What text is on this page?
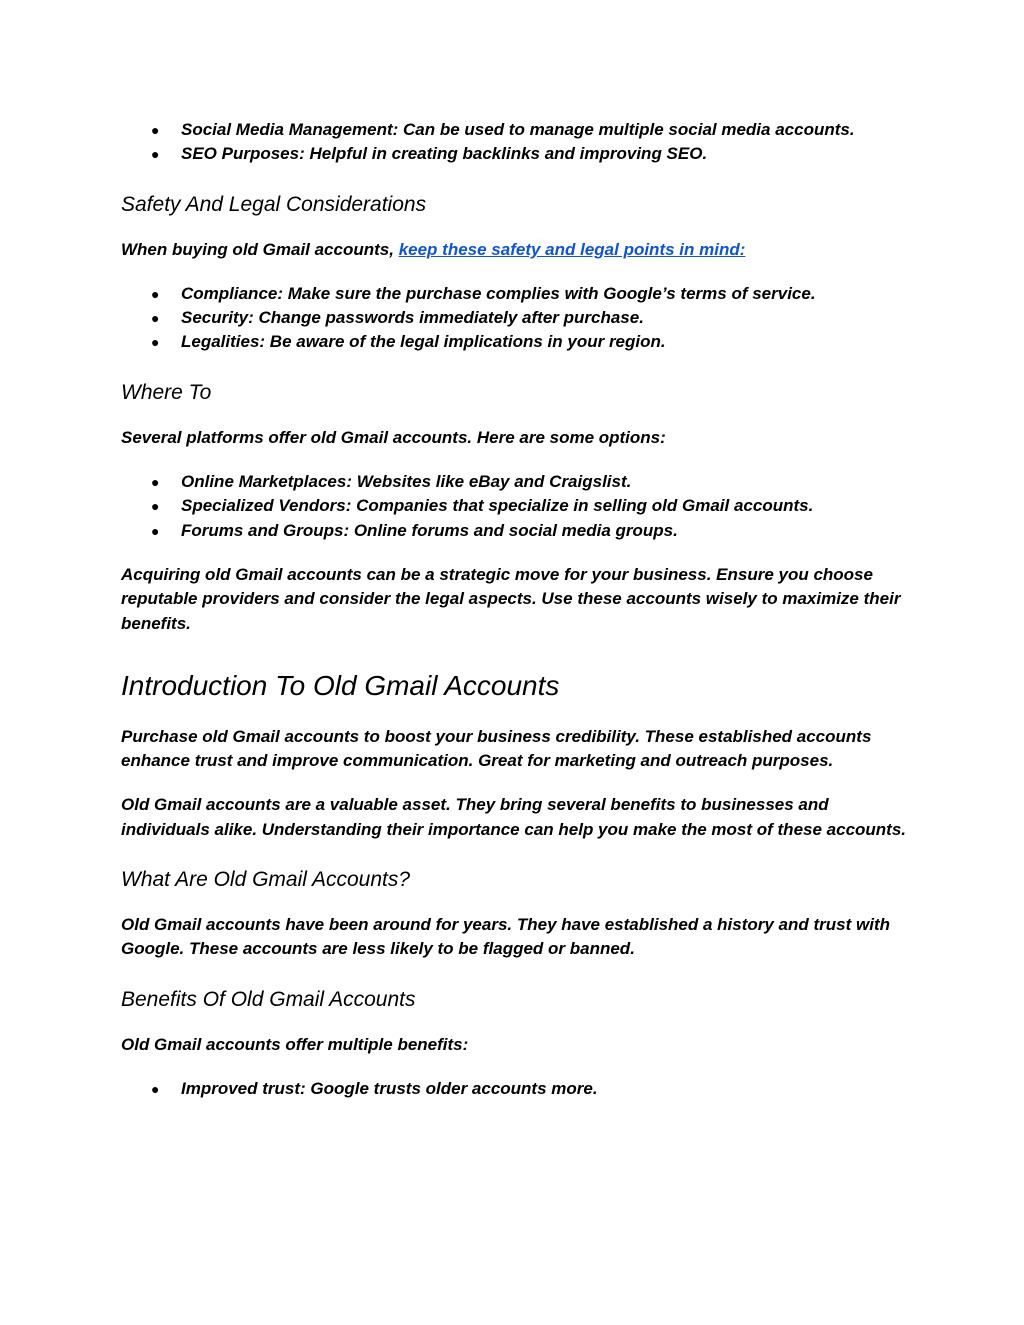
● Social Media Management: Can be used to manage multiple social media accounts.
● SEO Purposes: Helpful in creating backlinks and improving SEO.
Safety And Legal Considerations

When buying old Gmail accounts, keep these safety and legal points in mind:

● Compliance: Make sure the purchase complies with Google’s terms of service.
● Security: Change passwords immediately after purchase.
● Legalities: Be aware of the legal implications in your region.
Where To

Several platforms offer old Gmail accounts. Here are some options:

● Online Marketplaces: Websites like eBay and Craigslist.
● Specialized Vendors: Companies that specialize in selling old Gmail accounts.
● Forums and Groups: Online forums and social media groups.

Acquiring old Gmail accounts can be a strategic move for your business. Ensure you choose reputable providers and consider the legal aspects. Use these accounts wisely to maximize their benefits.

Introduction To Old Gmail Accounts

Purchase old Gmail accounts to boost your business credibility. These established accounts enhance trust and improve communication. Great for marketing and outreach purposes.

Old Gmail accounts are a valuable asset. They bring several benefits to businesses and individuals alike. Understanding their importance can help you make the most of these accounts.

What Are Old Gmail Accounts?

Old Gmail accounts have been around for years. They have established a history and trust with Google. These accounts are less likely to be flagged or banned.

Benefits Of Old Gmail Accounts

Old Gmail accounts offer multiple benefits:

● Improved trust: Google trusts older accounts more.
